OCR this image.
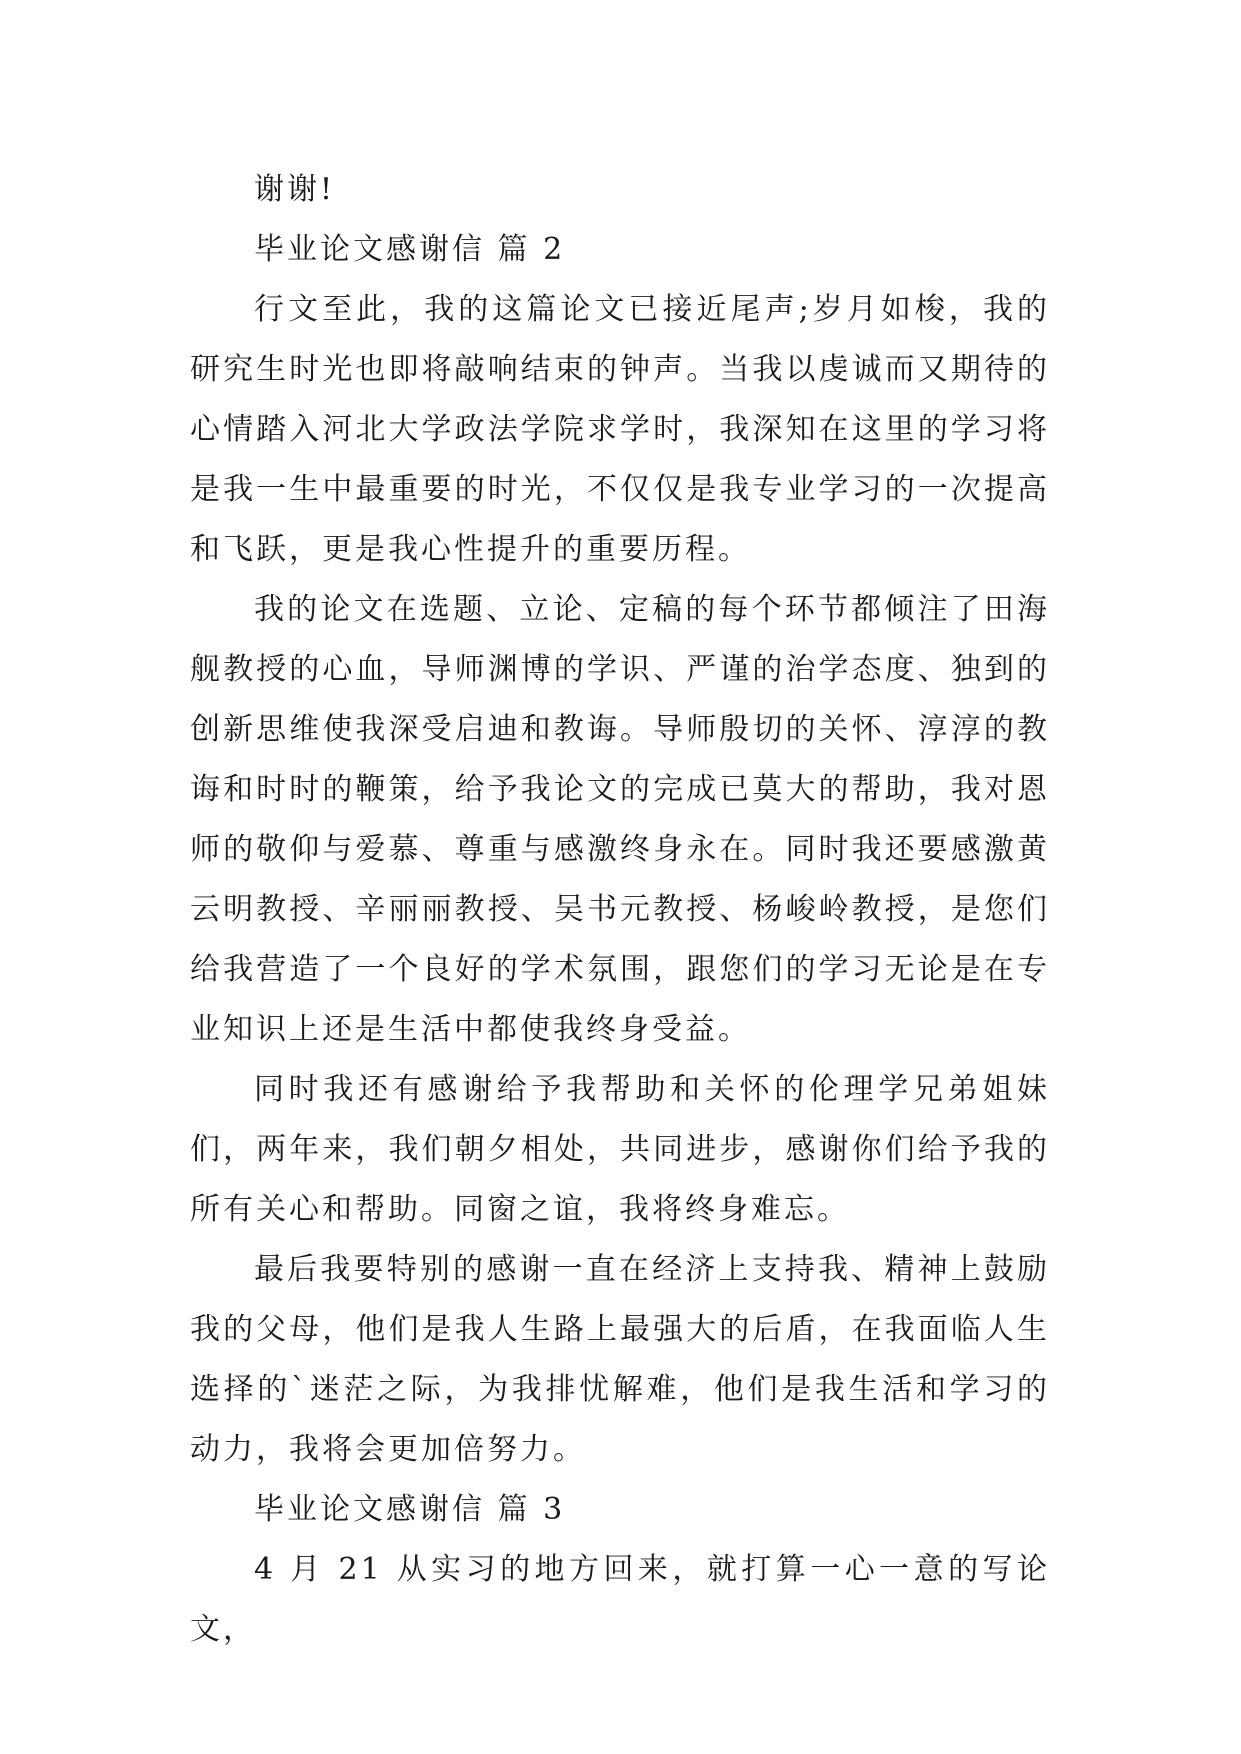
谢谢!

毕业论文感谢信 篇 2

行文至此，我的这篇论文已接近尾声;岁月如梭，我的研究生时光也即将敲响结束的钟声。当我以虔诚而又期待的心情踏入河北大学政法学院求学时，我深知在这里的学习将是我一生中最重要的时光，不仅仅是我专业学习的一次提高和飞跃，更是我心性提升的重要历程。

我的论文在选题、立论、定稿的每个环节都倾注了田海舰教授的心血，导师渊博的学识、严谨的治学态度、独到的创新思维使我深受启迪和教诲。导师殷切的关怀、淳淳的教诲和时时的鞭策，给予我论文的完成已莫大的帮助，我对恩师的敬仰与爱慕、尊重与感激终身永在。同时我还要感激黄云明教授、辛丽丽教授、吴书元教授、杨峻岭教授，是您们给我营造了一个良好的学术氛围，跟您们的学习无论是在专业知识上还是生活中都使我终身受益。

同时我还有感谢给予我帮助和关怀的伦理学兄弟姐妹们，两年来，我们朝夕相处，共同进步，感谢你们给予我的所有关心和帮助。同窗之谊，我将终身难忘。

最后我要特别的感谢一直在经济上支持我、精神上鼓励我的父母，他们是我人生路上最强大的后盾，在我面临人生选择的`迷茫之际，为我排忧解难，他们是我生活和学习的动力，我将会更加倍努力。

毕业论文感谢信 篇 3

4 月 21 从实习的地方回来，就打算一心一意的写论文，
